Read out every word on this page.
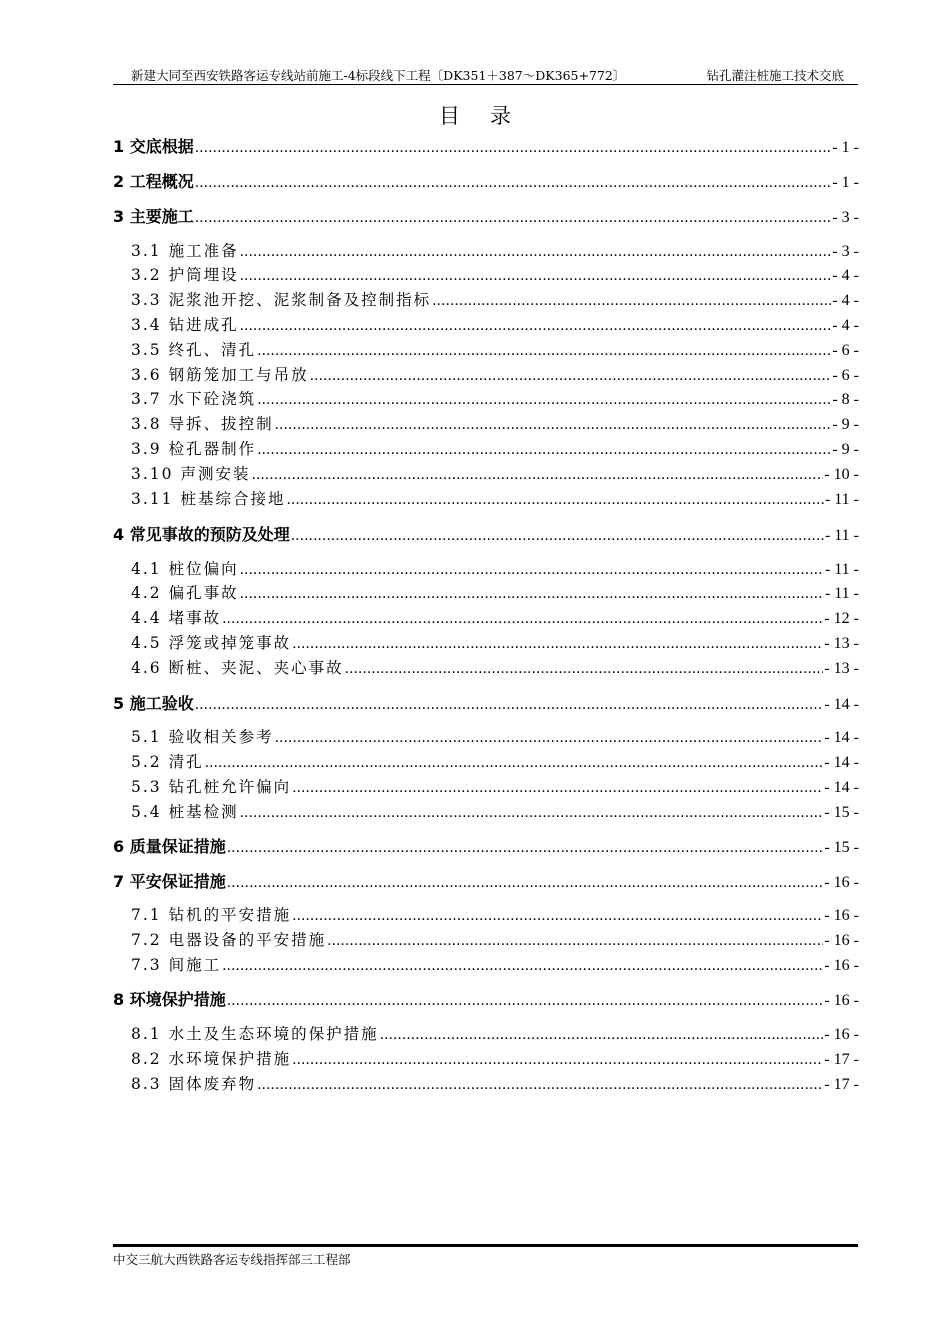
新建大同至西安铁路客运专线站前施工-4标段线下工程〔DK351＋387～DK365+772〕	钻孔灌注桩施工技术交底
目录
1 交底根据 .....	- 1 -
2 工程概况 .....	- 1 -
3 主要施工 .....	- 3 -
3.1 施工准备 .....	- 3 -
3.2 护筒埋设 .....	- 4 -
3.3 泥浆池开挖、泥浆制备及控制指标 .....	- 4 -
3.4 钻进成孔 .....	- 4 -
3.5 终孔、清孔 .....	- 6 -
3.6 钢筋笼加工与吊放 .....	- 6 -
3.7 水下砼浇筑 .....	- 8 -
3.8 导拆、拔控制 .....	- 9 -
3.9 检孔器制作 .....	- 9 -
3.10 声测安装 .....	- 10 -
3.11 桩基综合接地 .....	- 11 -
4 常见事故的预防及处理 .....	- 11 -
4.1 桩位偏向 .....	- 11 -
4.2 偏孔事故 .....	- 11 -
4.4 堵事故 .....	- 12 -
4.5 浮笼或掉笼事故 .....	- 13 -
4.6 断桩、夹泥、夹心事故 .....	- 13 -
5 施工验收 .....	- 14 -
5.1 验收相关参考 .....	- 14 -
5.2 清孔 .....	- 14 -
5.3 钻孔桩允许偏向 .....	- 14 -
5.4 桩基检测 .....	- 15 -
6 质量保证措施 .....	- 15 -
7 平安保证措施 .....	- 16 -
7.1 钻机的平安措施 .....	- 16 -
7.2 电器设备的平安措施 .....	- 16 -
7.3 间施工 .....	- 16 -
8 环境保护措施 .....	- 16 -
8.1 水土及生态环境的保护措施 .....	- 16 -
8.2 水环境保护措施 .....	- 17 -
8.3 固体废弃物 .....	- 17 -
中交三航大西铁路客运专线指挥部三工程部
